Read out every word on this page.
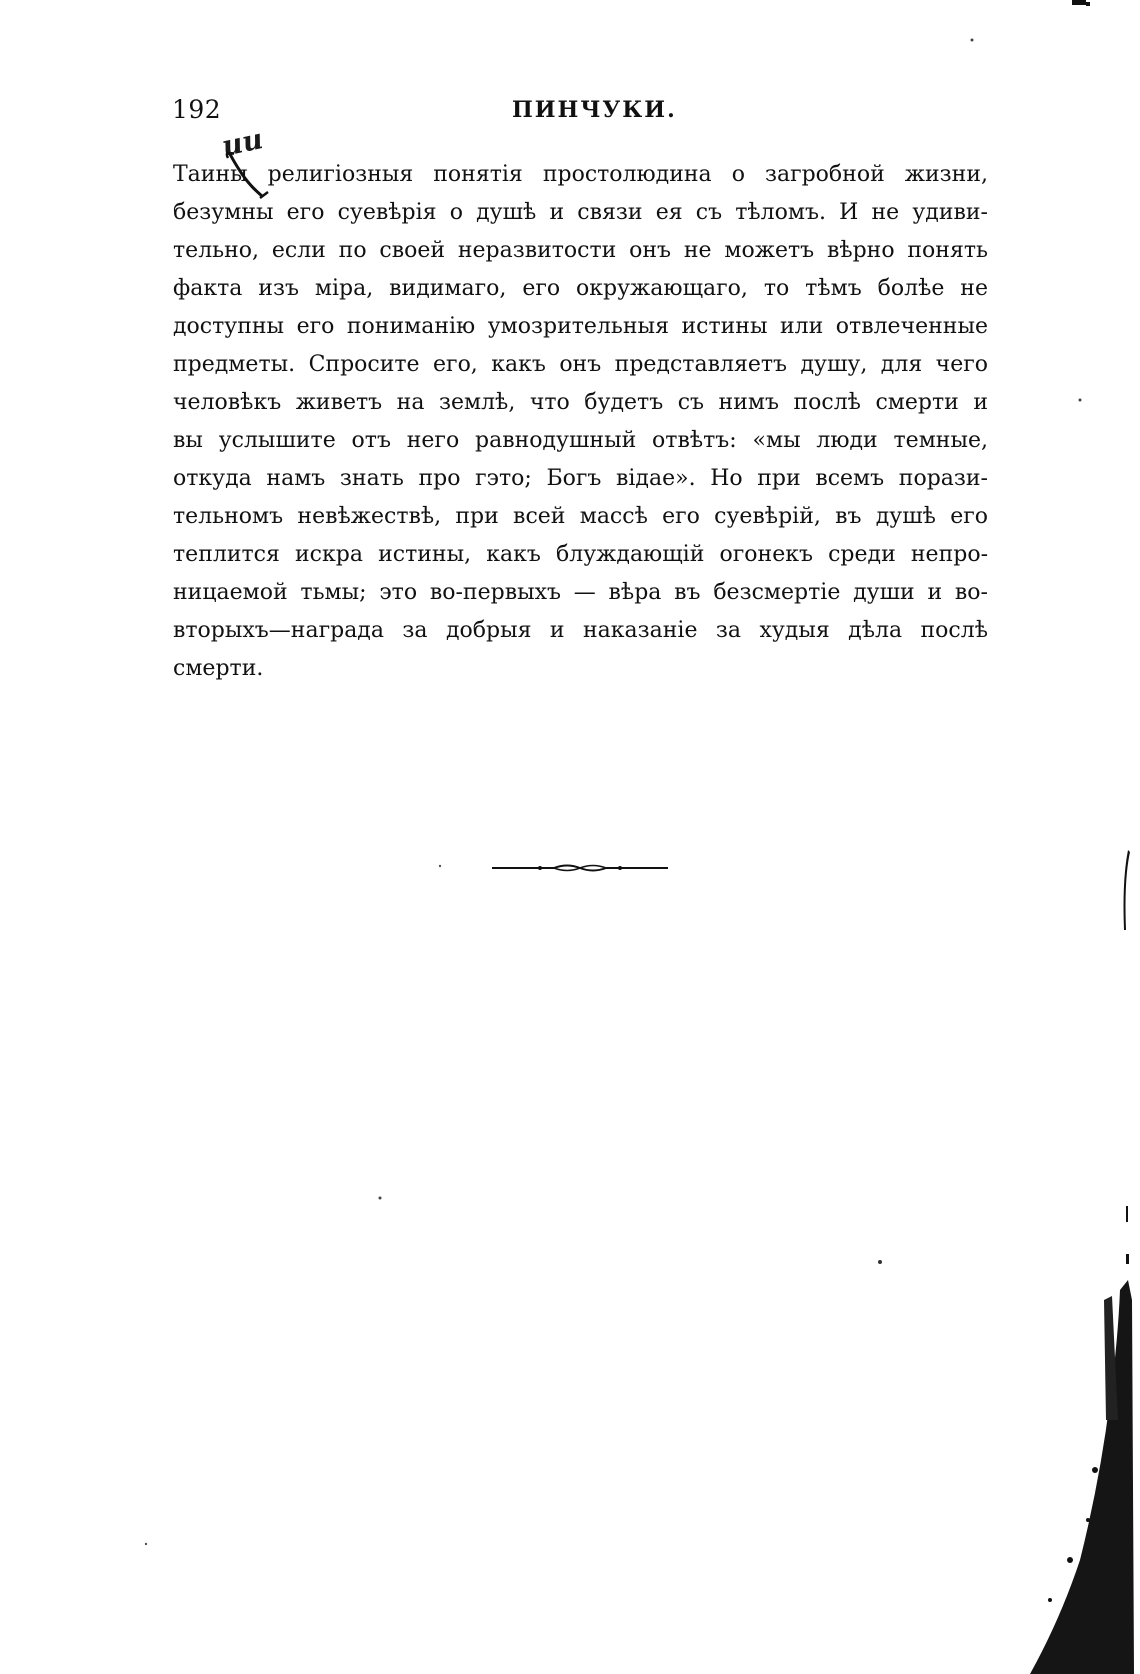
192	ПИНЧУКИ.
ии
Таины религіозныя понятія простолюдина о загробной жизни,
безумны его суевѣрія о душѣ и связи ея съ тѣломъ. И не удиви-
тельно, если по своей неразвитости онъ не можетъ вѣрно понять
факта изъ міра, видимаго, его окружающаго, то тѣмъ болѣе не
доступны его пониманію умозрительныя истины или отвлеченные
предметы. Спросите его, какъ онъ представляетъ душу, для чего
человѣкъ живетъ на землѣ, что будетъ съ нимъ послѣ смерти и
вы услышите отъ него равнодушный отвѣтъ: «мы люди темные,
откуда намъ знать про гэто; Богъ відае». Но при всемъ порази-
тельномъ невѣжествѣ, при всей массѣ его суевѣрій, въ душѣ его
теплится искра истины, какъ блуждающій огонекъ среди непро-
ницаемой тьмы; это во-первыхъ — вѣра въ безсмертіе души и во-
вторыхъ—награда за добрыя и наказаніе за худыя дѣла послѣ
смерти.
